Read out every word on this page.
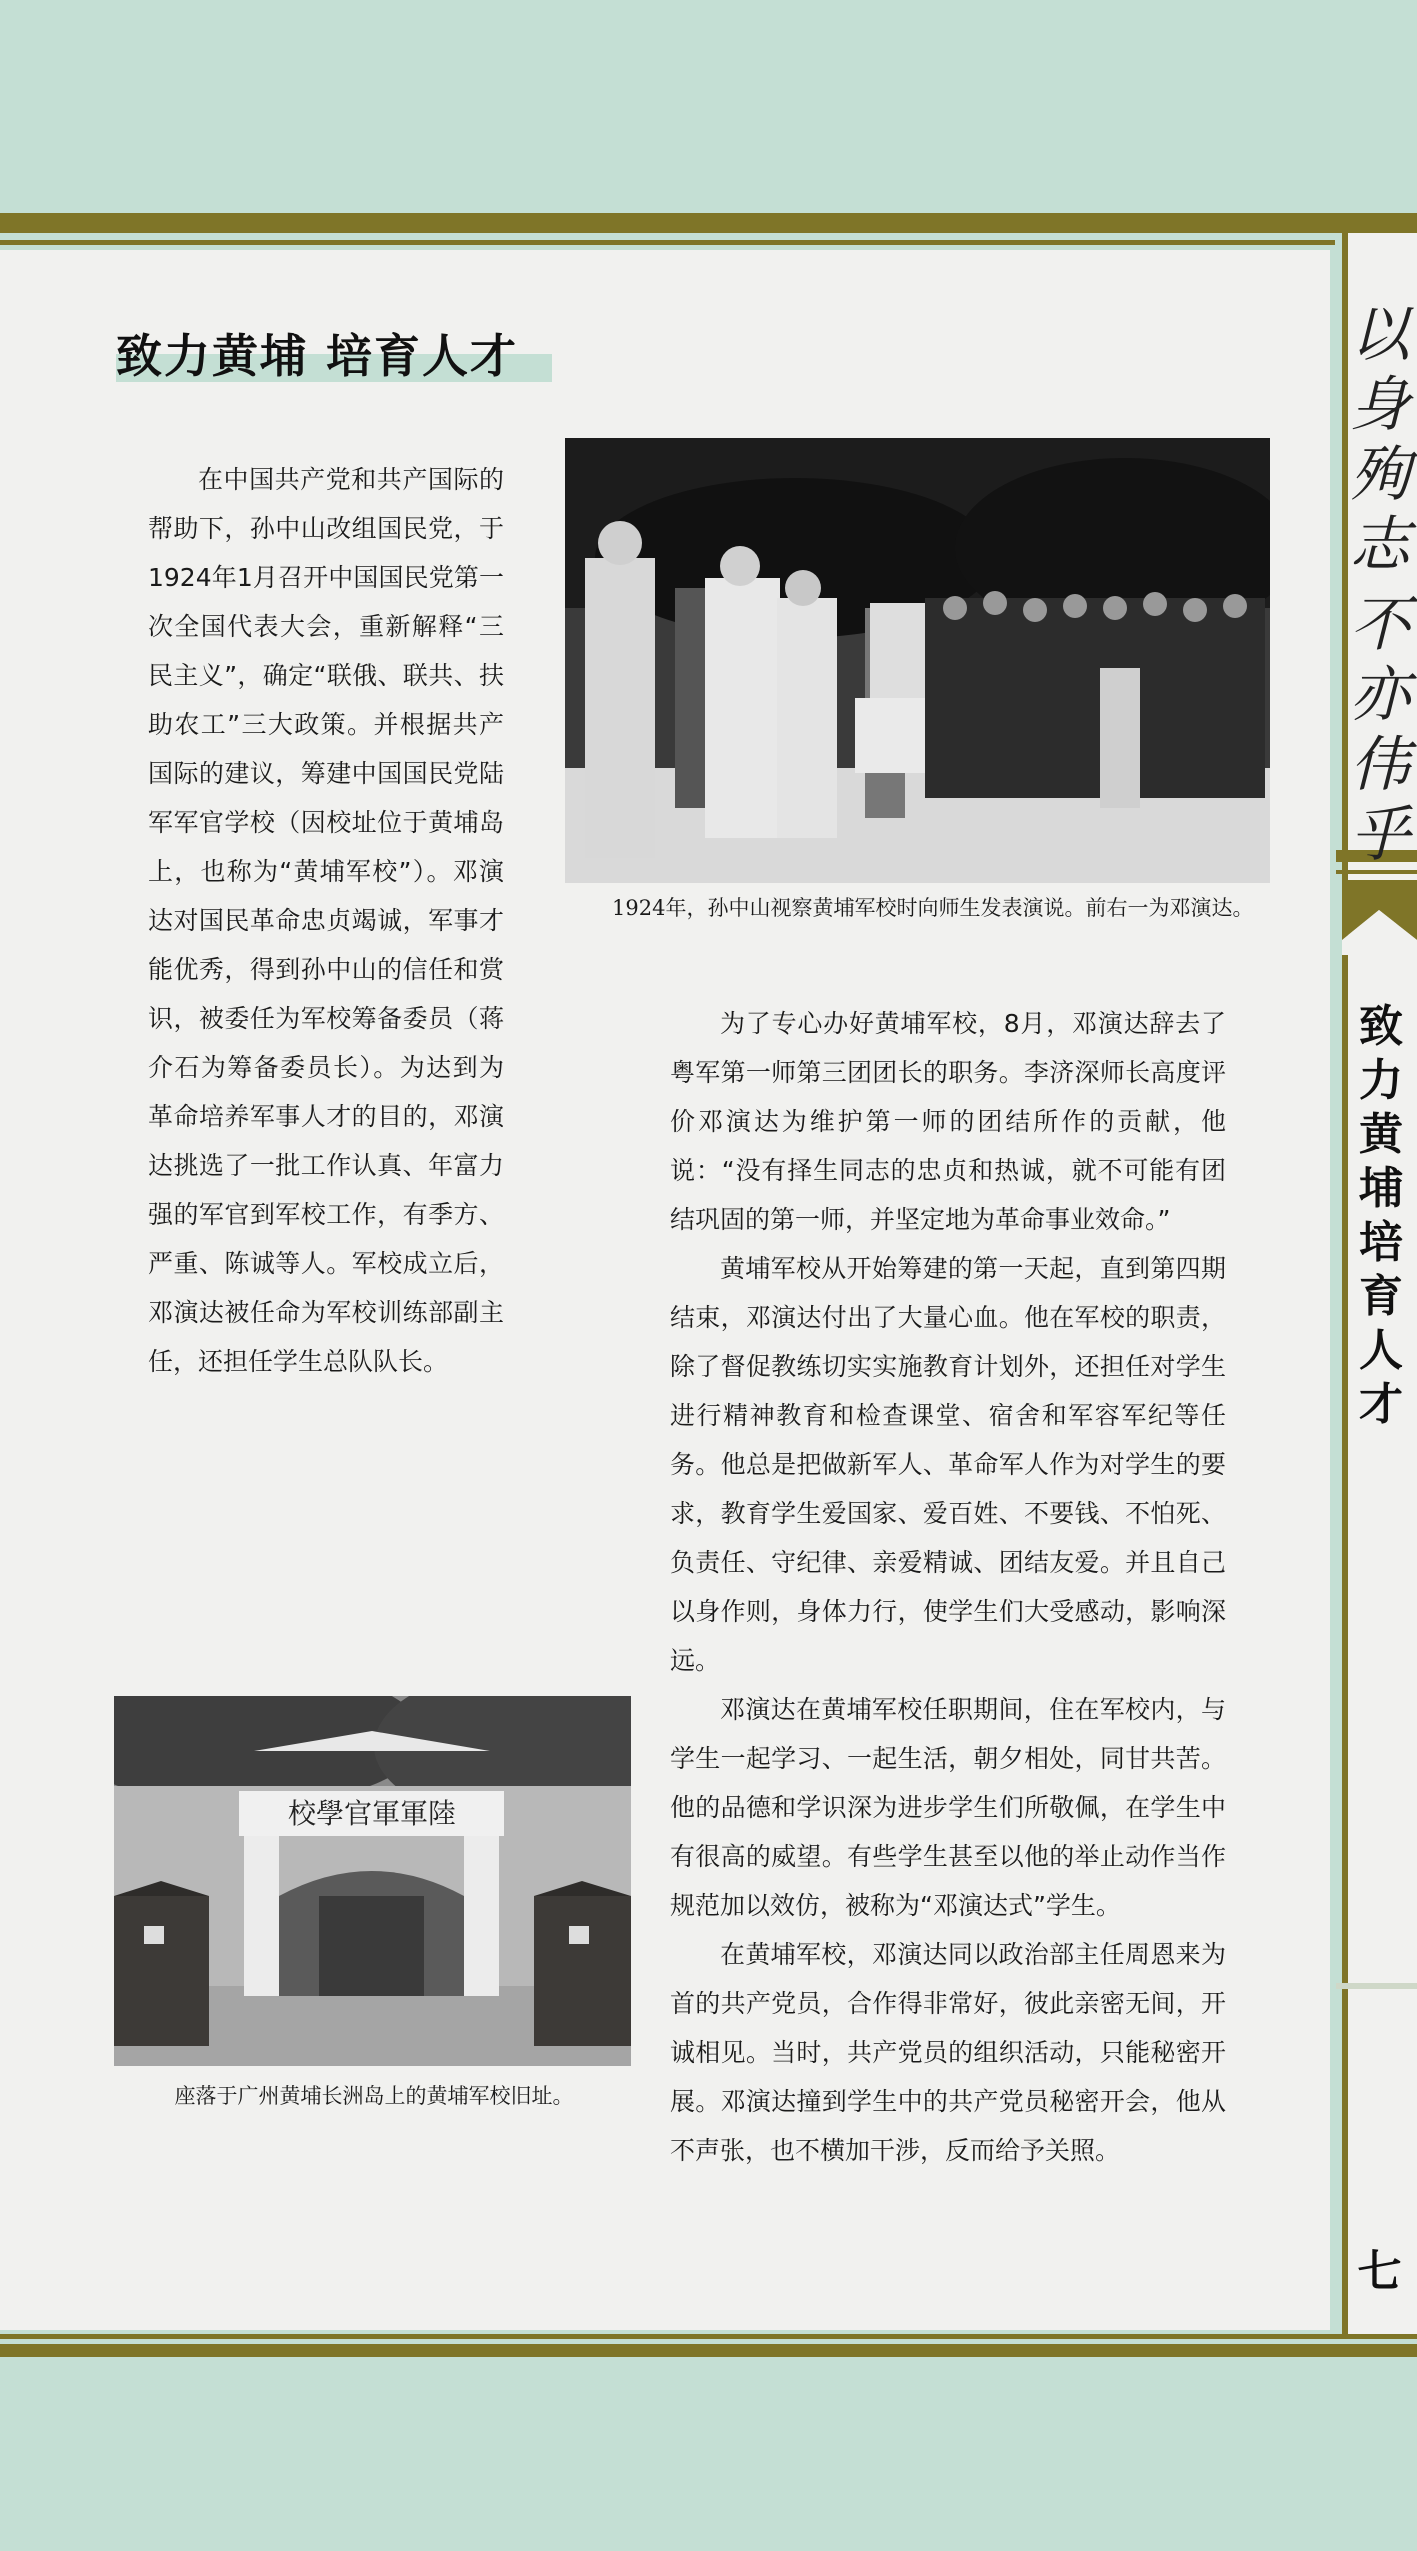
以身殉志
不亦伟乎
致力黄埔 培育人才
七
致力黄埔 培育人才

在中国共产党和共产国际的帮助下，孙中山改组国民党，于1924年1月召开中国国民党第一次全国代表大会，重新解释“三民主义”，确定“联俄、联共、扶助农工”三大政策。并根据共产国际的建议，筹建中国国民党陆军军官学校（因校址位于黄埔岛上，也称为“黄埔军校”）。邓演达对国民革命忠贞竭诚，军事才能优秀，得到孙中山的信任和赏识，被委任为军校筹备委员（蒋介石为筹备委员长）。为达到为革命培养军事人才的目的，邓演达挑选了一批工作认真、年富力强的军官到军校工作，有季方、严重、陈诚等人。军校成立后，邓演达被任命为军校训练部副主任，还担任学生总队队长。

1924年，孙中山视察黄埔军校时向师生发表演说。前右一为邓演达。

为了专心办好黄埔军校，8月，邓演达辞去了粤军第一师第三团团长的职务。李济深师长高度评价邓演达为维护第一师的团结所作的贡献，他说：“没有择生同志的忠贞和热诚，就不可能有团结巩固的第一师，并坚定地为革命事业效命。”

黄埔军校从开始筹建的第一天起，直到第四期结束，邓演达付出了大量心血。他在军校的职责，除了督促教练切实实施教育计划外，还担任对学生进行精神教育和检查课堂、宿舍和军容军纪等任务。他总是把做新军人、革命军人作为对学生的要求，教育学生爱国家、爱百姓、不要钱、不怕死、负责任、守纪律、亲爱精诚、团结友爱。并且自己以身作则，身体力行，使学生们大受感动，影响深远。

邓演达在黄埔军校任职期间，住在军校内，与学生一起学习、一起生活，朝夕相处，同甘共苦。他的品德和学识深为进步学生们所敬佩，在学生中有很高的威望。有些学生甚至以他的举止动作当作规范加以效仿，被称为“邓演达式”学生。

在黄埔军校，邓演达同以政治部主任周恩来为首的共产党员，合作得非常好，彼此亲密无间，开诚相见。当时，共产党员的组织活动，只能秘密开展。邓演达撞到学生中的共产党员秘密开会，他从不声张，也不横加干涉，反而给予关照。

校學官軍軍陸
座落于广州黄埔长洲岛上的黄埔军校旧址。
